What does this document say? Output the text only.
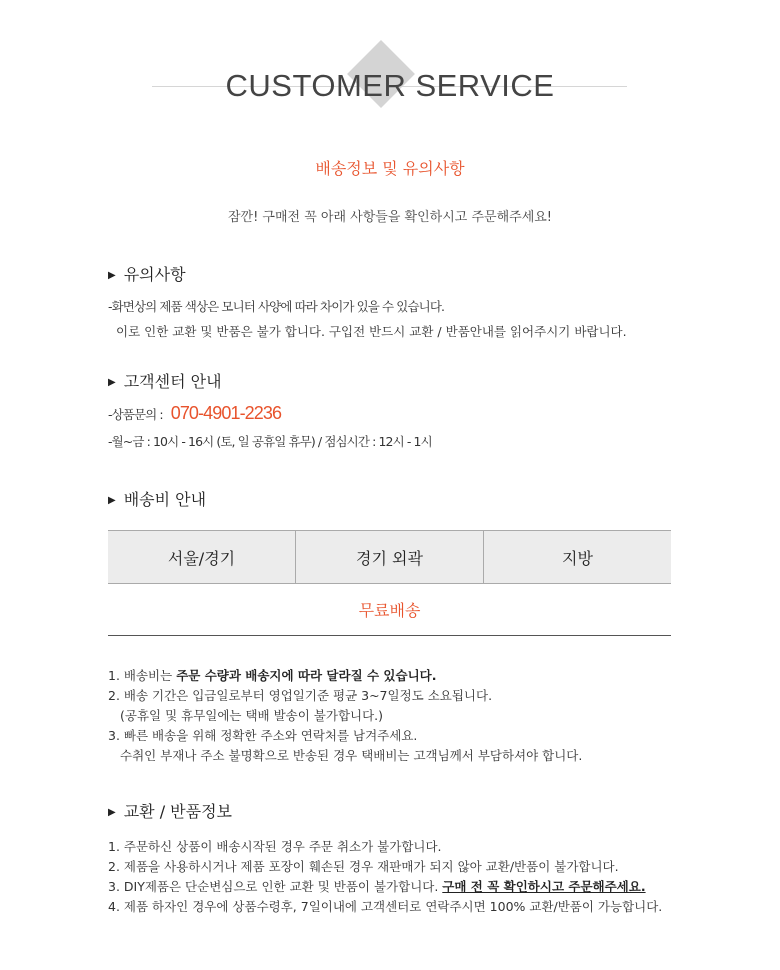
CUSTOMER SERVICE
배송정보 및 유의사항
잠깐! 구매전 꼭 아래 사항들을 확인하시고 주문해주세요!
▶ 유의사항
-화면상의 제품 색상은 모니터 사양에 따라 차이가 있을 수 있습니다.
이로 인한 교환 및 반품은 불가 합니다. 구입전 반드시 교환 / 반품안내를 읽어주시기 바랍니다.
▶ 고객센터 안내
-상품문의 : 070-4901-2236
-월~금 : 10시 - 16시 (토, 일 공휴일 휴무) / 점심시간 : 12시 - 1시
▶ 배송비 안내
서울/경기	경기 외곽	지방
무료배송
1. 배송비는 주문 수량과 배송지에 따라 달라질 수 있습니다.
2. 배송 기간은 입금일로부터 영업일기준 평균 3~7일정도 소요됩니다.
(공휴일 및 휴무일에는 택배 발송이 불가합니다.)
3. 빠른 배송을 위해 정확한 주소와 연락처를 남겨주세요.
수취인 부재나 주소 불명확으로 반송된 경우 택배비는 고객님께서 부담하셔야 합니다.
▶ 교환 / 반품정보
1. 주문하신 상품이 배송시작된 경우 주문 취소가 불가합니다.
2. 제품을 사용하시거나 제품 포장이 훼손된 경우 재판매가 되지 않아 교환/반품이 불가합니다.
3. DIY제품은 단순변심으로 인한 교환 및 반품이 불가합니다. 구매 전 꼭 확인하시고 주문해주세요.
4. 제품 하자인 경우에 상품수령후, 7일이내에 고객센터로 연락주시면 100% 교환/반품이 가능합니다.
